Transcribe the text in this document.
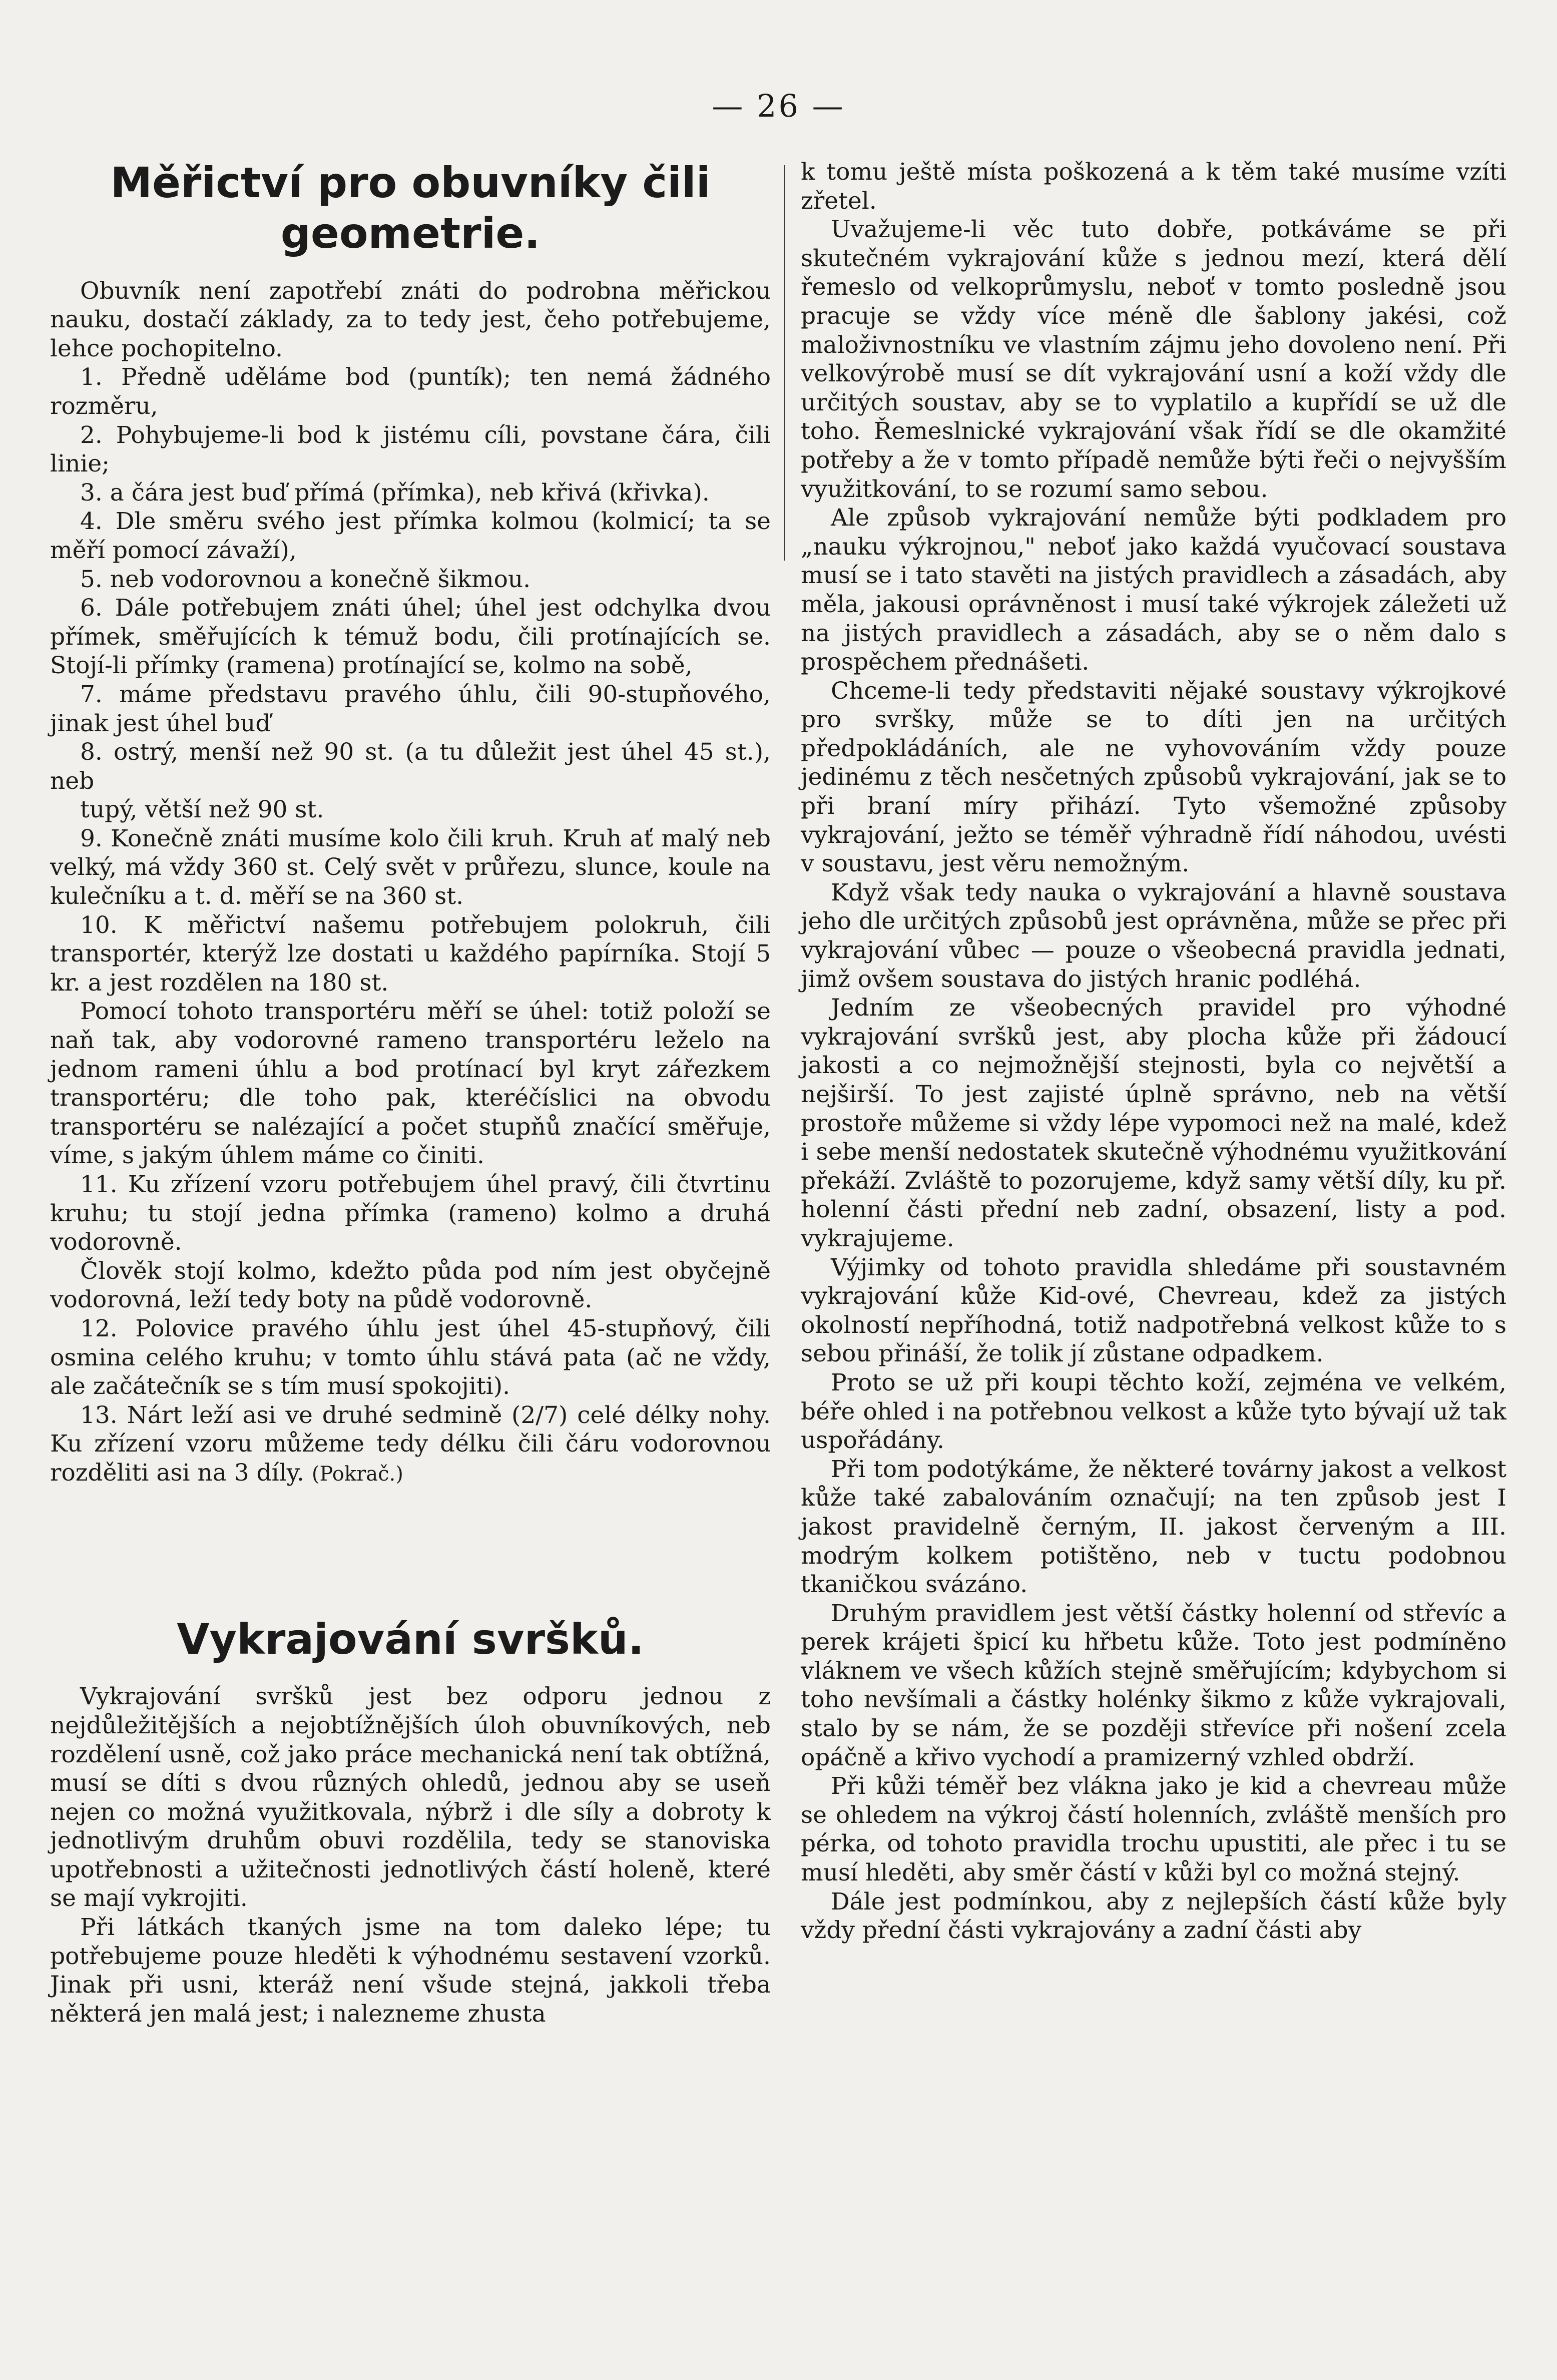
— 26 —
Měřictví pro obuvníky čili geometrie.

Obuvník není zapotřebí znáti do podrobna měřickou nauku, dostačí základy, za to tedy jest, čeho potřebujeme, lehce pochopitelno.

1. Předně uděláme bod (puntík); ten nemá žádného rozměru,

2. Pohybujeme-li bod k jistému cíli, povstane čára, čili linie;

3. a čára jest buď přímá (přímka), neb křivá (křivka).

4. Dle směru svého jest přímka kolmou (kolmicí; ta se měří pomocí závaží),

5. neb vodorovnou a konečně šikmou.

6. Dále potřebujem znáti úhel; úhel jest odchylka dvou přímek, směřujících k témuž bodu, čili protínajících se. Stojí-li přímky (ramena) protínající se, kolmo na sobě,

7. máme představu pravého úhlu, čili 90-stupňového, jinak jest úhel buď

8. ostrý, menší než 90 st. (a tu důležit jest úhel 45 st.), neb

tupý, větší než 90 st.

9. Konečně znáti musíme kolo čili kruh. Kruh ať malý neb velký, má vždy 360 st. Celý svět v průřezu, slunce, koule na kulečníku a t. d. měří se na 360 st.

10. K měřictví našemu potřebujem polokruh, čili transportér, kterýž lze dostati u každého papírníka. Stojí 5 kr. a jest rozdělen na 180 st.

Pomocí tohoto transportéru měří se úhel: totiž položí se naň tak, aby vodorovné rameno transportéru leželo na jednom rameni úhlu a bod protínací byl kryt zářezkem transportéru; dle toho pak, kteréčíslici na obvodu transportéru se nalézající a počet stupňů značící směřuje, víme, s jakým úhlem máme co činiti.

11. Ku zřízení vzoru potřebujem úhel pravý, čili čtvrtinu kruhu; tu stojí jedna přímka (rameno) kolmo a druhá vodorovně.

Člověk stojí kolmo, kdežto půda pod ním jest obyčejně vodorovná, leží tedy boty na půdě vodorovně.

12. Polovice pravého úhlu jest úhel 45-stupňový, čili osmina celého kruhu; v tomto úhlu stává pata (ač ne vždy, ale začátečník se s tím musí spokojiti).

13. Nárt leží asi ve druhé sedmině (2/7) celé délky nohy. Ku zřízení vzoru můžeme tedy délku čili čáru vodorovnou rozděliti asi na 3 díly. (Pokrač.)

Vykrajování svršků.

Vykrajování svršků jest bez odporu jednou z nejdůležitějších a nejobtížnějších úloh obuvníkových, neb rozdělení usně, což jako práce mechanická není tak obtížná, musí se díti s dvou různých ohledů, jednou aby se useň nejen co možná využitkovala, nýbrž i dle síly a dobroty k jednotlivým druhům obuvi rozdělila, tedy se stanoviska upotřebnosti a užitečnosti jednotlivých částí holeně, které se mají vykrojiti.

Při látkách tkaných jsme na tom daleko lépe; tu potřebujeme pouze hleděti k výhodnému sestavení vzorků. Jinak při usni, kteráž není všude stejná, jakkoli třeba některá jen malá jest; i nalezneme zhusta

k tomu ještě místa poškozená a k těm také musíme vzíti zřetel.

Uvažujeme-li věc tuto dobře, potkáváme se při skutečném vykrajování kůže s jednou mezí, která dělí řemeslo od velkoprůmyslu, neboť v tomto posledně jsou pracuje se vždy více méně dle šablony jakési, což maloživnostníku ve vlastním zájmu jeho dovoleno není. Při velkovýrobě musí se dít vykrajování usní a koží vždy dle určitých soustav, aby se to vyplatilo a kupřídí se už dle toho. Řemeslnické vykrajování však řídí se dle okamžité potřeby a že v tomto případě nemůže býti řeči o nejvyšším využitkování, to se rozumí samo sebou.

Ale způsob vykrajování nemůže býti podkladem pro „nauku výkrojnou," neboť jako každá vyučovací soustava musí se i tato stavěti na jistých pravidlech a zásadách, aby měla, jakousi oprávněnost i musí také výkrojek záležeti už na jistých pravidlech a zásadách, aby se o něm dalo s prospěchem přednášeti.

Chceme-li tedy představiti nějaké soustavy výkrojkové pro svršky, může se to díti jen na určitých předpokládáních, ale ne vyhovováním vždy pouze jedinému z těch nesčetných způsobů vykrajování, jak se to při braní míry přihází. Tyto všemožné způsoby vykrajování, ježto se téměř výhradně řídí náhodou, uvésti v soustavu, jest věru nemožným.

Když však tedy nauka o vykrajování a hlavně soustava jeho dle určitých způsobů jest oprávněna, může se přec při vykrajování vůbec — pouze o všeobecná pravidla jednati, jimž ovšem soustava do jistých hranic podléhá.

Jedním ze všeobecných pravidel pro výhodné vykrajování svršků jest, aby plocha kůže při žádoucí jakosti a co nejmožnější stejnosti, byla co největší a nejširší. To jest zajisté úplně správno, neb na větší prostoře můžeme si vždy lépe vypomoci než na malé, kdež i sebe menší nedostatek skutečně výhodnému využitkování překáží. Zvláště to pozorujeme, když samy větší díly, ku př. holenní části přední neb zadní, obsazení, listy a pod. vykrajujeme.

Výjimky od tohoto pravidla shledáme při soustavném vykrajování kůže Kid-ové, Chevreau, kdež za jistých okolností nepříhodná, totiž nadpotřebná velkost kůže to s sebou přináší, že tolik jí zůstane odpadkem.

Proto se už při koupi těchto koží, zejména ve velkém, béře ohled i na potřebnou velkost a kůže tyto bývají už tak uspořádány.

Při tom podotýkáme, že některé továrny jakost a velkost kůže také zabalováním označují; na ten způsob jest I jakost pravidelně černým, II. jakost červeným a III. modrým kolkem potištěno, neb v tuctu podobnou tkaničkou svázáno.

Druhým pravidlem jest větší částky holenní od střevíc a perek krájeti špicí ku hřbetu kůže. Toto jest podmíněno vláknem ve všech kůžích stejně směřujícím; kdybychom si toho nevšímali a částky holénky šikmo z kůže vykrajovali, stalo by se nám, že se později střevíce při nošení zcela opáčně a křivo vychodí a pramizerný vzhled obdrží.

Při kůži téměř bez vlákna jako je kid a chevreau může se ohledem na výkroj částí holenních, zvláště menších pro pérka, od tohoto pravidla trochu upustiti, ale přec i tu se musí hleděti, aby směr částí v kůži byl co možná stejný.

Dále jest podmínkou, aby z nejlepších částí kůže byly vždy přední části vykrajovány a zadní části aby
